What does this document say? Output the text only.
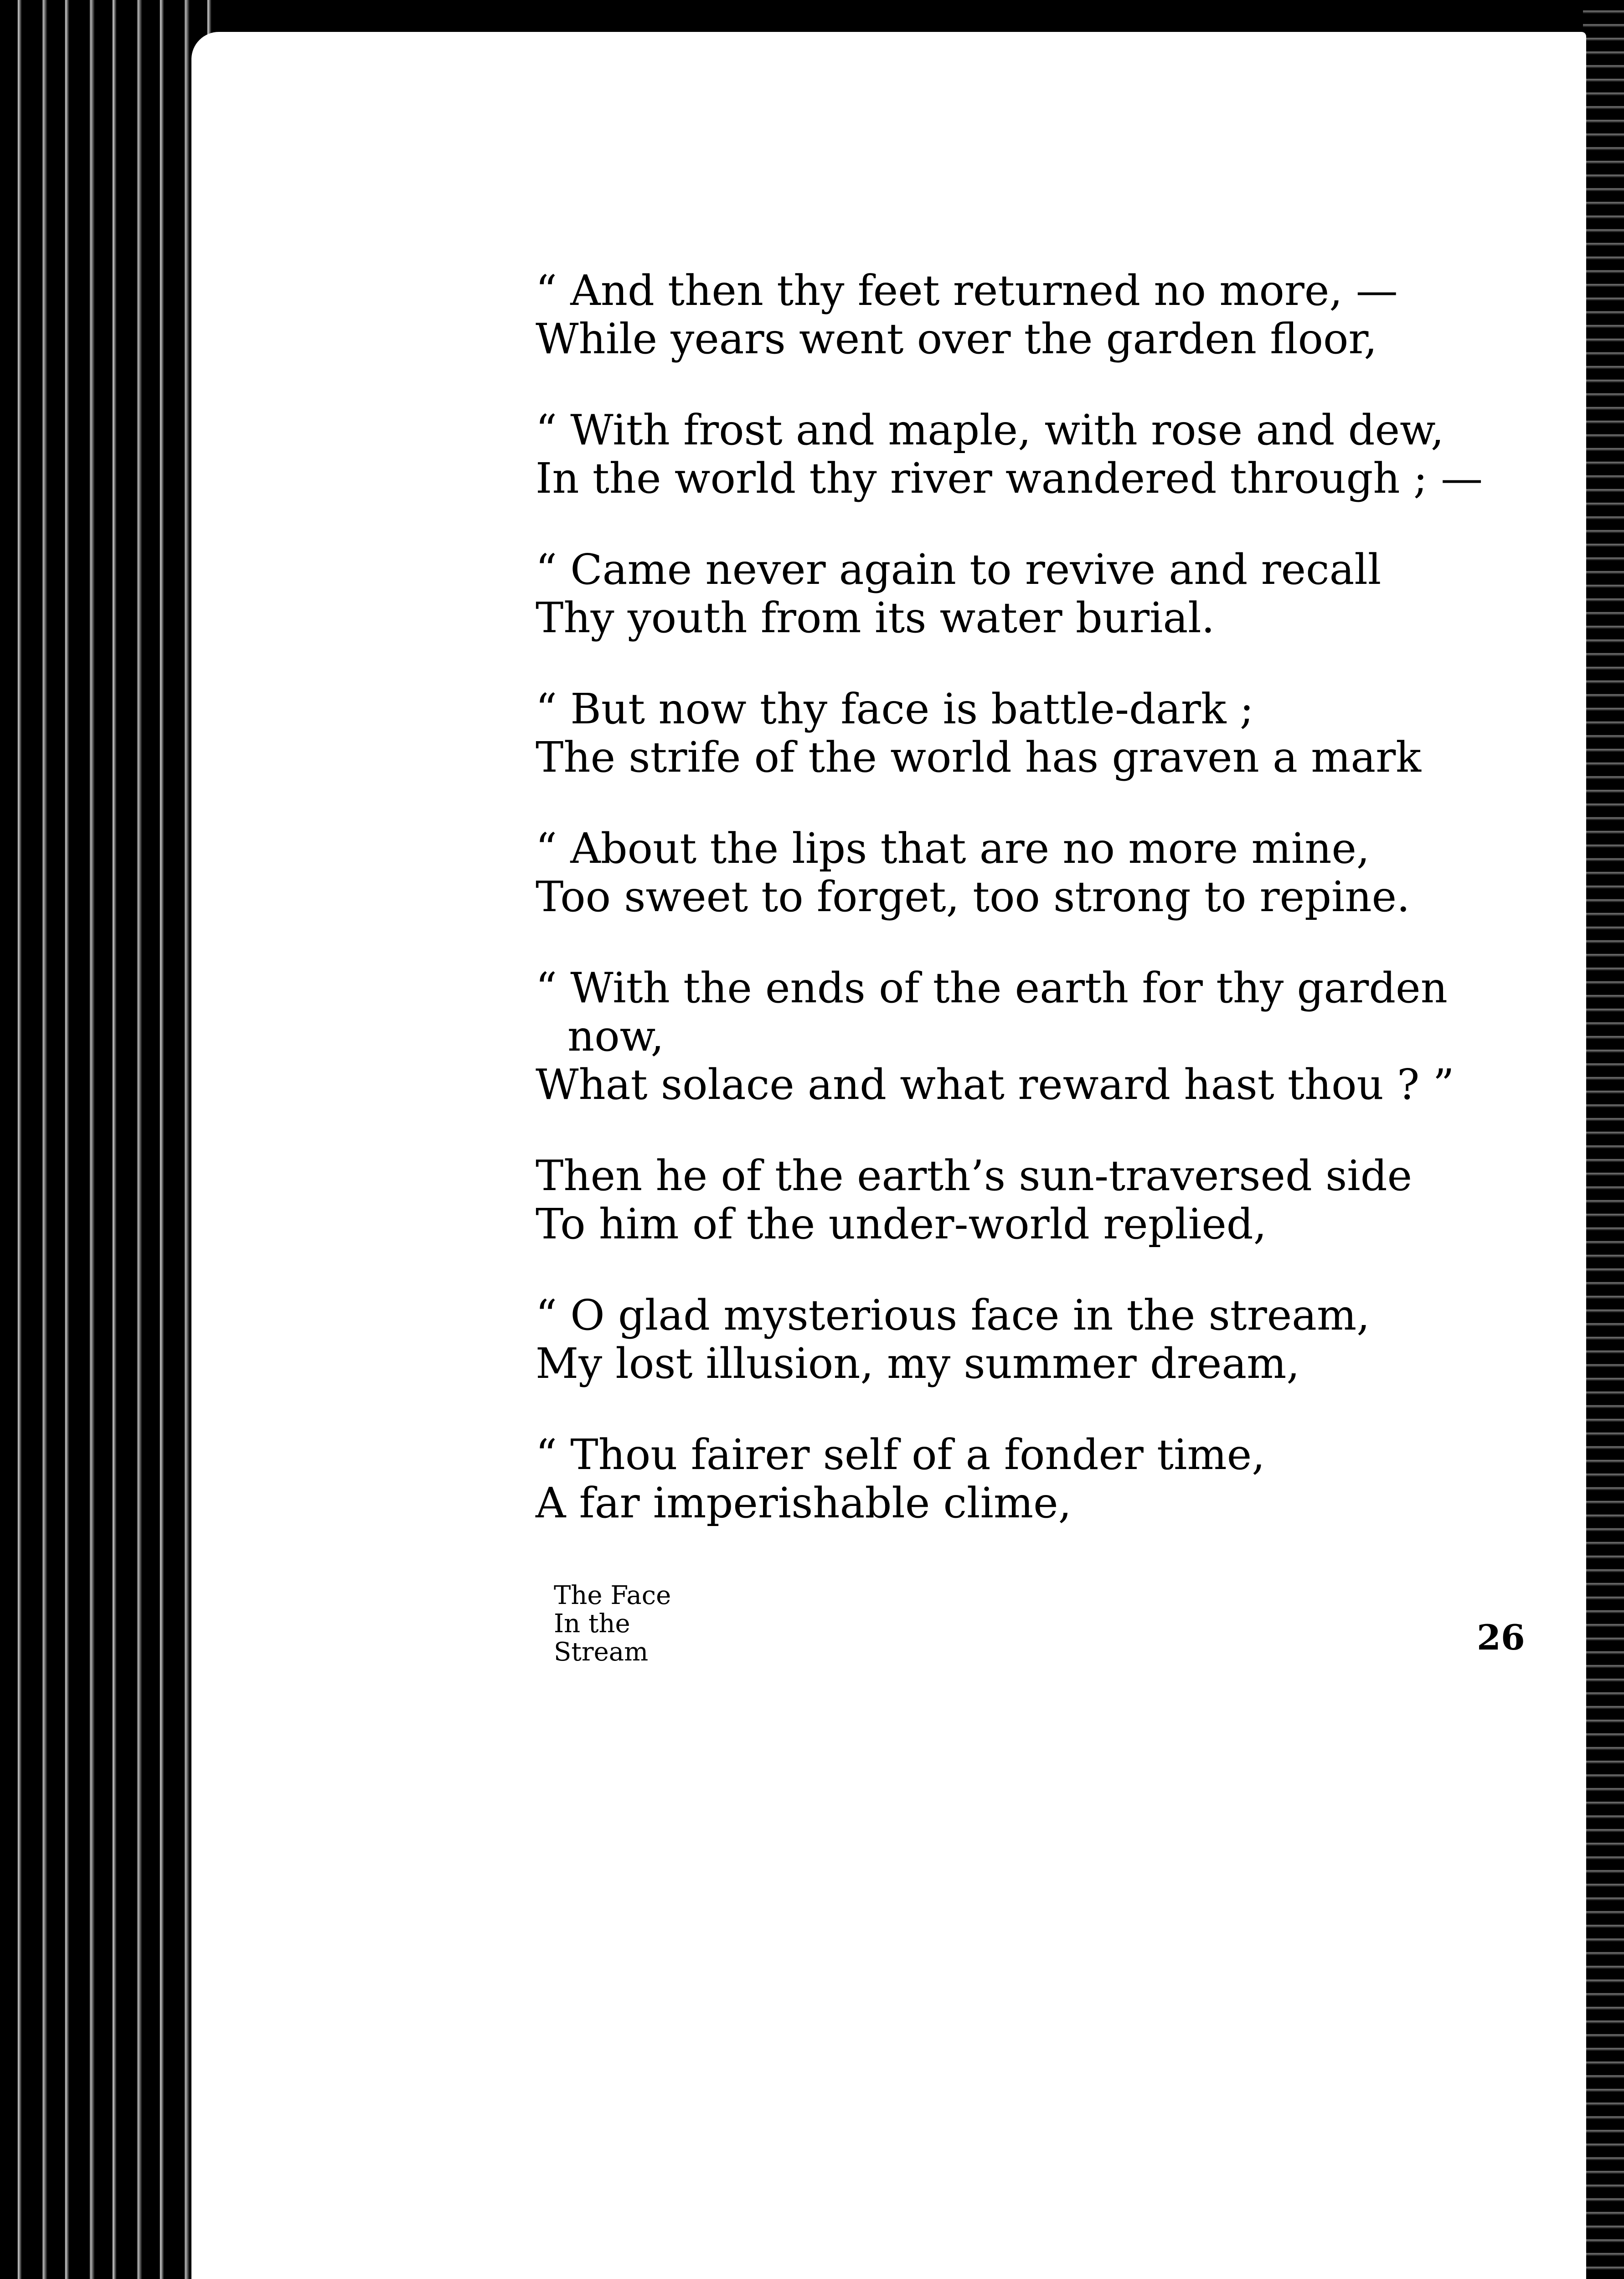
“ And then thy feet returned no more, —
While years went over the garden floor,
“ With frost and maple, with rose and dew,
In the world thy river wandered through ; —
“ Came never again to revive and recall
Thy youth from its water burial.
“ But now thy face is battle-dark ;
The strife of the world has graven a mark
“ About the lips that are no more mine,
Too sweet to forget, too strong to repine.
“ With the ends of the earth for thy garden
now,
What solace and what reward hast thou ? ”
Then he of the earth’s sun-traversed side
To him of the under-world replied,
“ O glad mysterious face in the stream,
My lost illusion, my summer dream,
“ Thou fairer self of a fonder time,
A far imperishable clime,
The Face
In the
Stream	26
